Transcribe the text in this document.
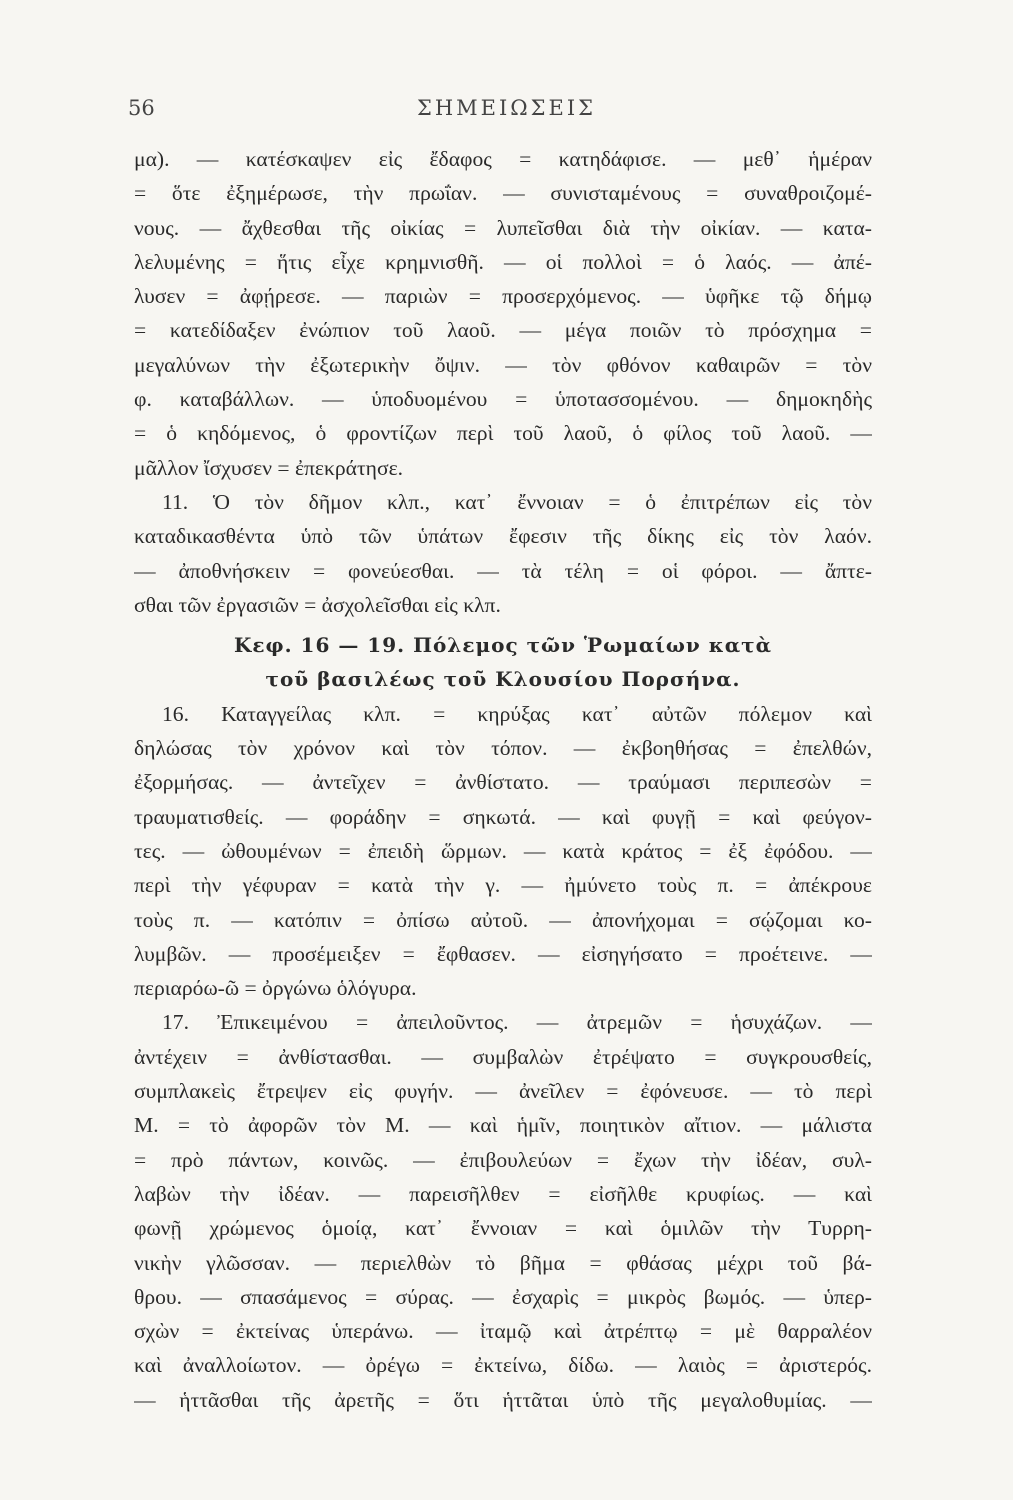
56	ΣΗΜΕΙΩΣΕΙΣ
μα). — κατέσκαψεν εἰς ἔδαφος = κατηδάφισε. — μεθ᾿ ἡμέραν
= ὅτε ἐξημέρωσε, τὴν πρωΐαν. — συνισταμένους = συναθροιζομέ-
νους. — ἄχθεσθαι τῆς οἰκίας = λυπεῖσθαι διὰ τὴν οἰκίαν. — κατα-
λελυμένης = ἥτις εἶχε κρημνισθῆ. — οἱ πολλοὶ = ὁ λαός. — ἀπέ-
λυσεν = ἀφῄρεσε. — παριὼν = προσερχόμενος. — ὑφῆκε τῷ δήμῳ
= κατεδίδαξεν ἐνώπιον τοῦ λαοῦ. — μέγα ποιῶν τὸ πρόσχημα =
μεγαλύνων τὴν ἐξωτερικὴν ὄψιν. — τὸν φθόνον καθαιρῶν = τὸν
φ. καταβάλλων. — ὑποδυομένου = ὑποτασσομένου. — δημοκηδὴς
= ὁ κηδόμενος, ὁ φροντίζων περὶ τοῦ λαοῦ, ὁ φίλος τοῦ λαοῦ. —
μᾶλλον ἴσχυσεν = ἐπεκράτησε.
11. Ὁ τὸν δῆμον κλπ., κατ᾿ ἔννοιαν = ὁ ἐπιτρέπων εἰς τὸν
καταδικασθέντα ὑπὸ τῶν ὑπάτων ἔφεσιν τῆς δίκης εἰς τὸν λαόν.
— ἀποθνήσκειν = φονεύεσθαι. — τὰ τέλη = οἱ φόροι. — ἄπτε-
σθαι τῶν ἐργασιῶν = ἀσχολεῖσθαι εἰς κλπ.
Κεφ. 16 — 19. Πόλεμος τῶν Ῥωμαίων κατὰ
τοῦ βασιλέως τοῦ Κλουσίου Πορσήνα.
16. Καταγγείλας κλπ. = κηρύξας κατ᾿ αὐτῶν πόλεμον καὶ
δηλώσας τὸν χρόνον καὶ τὸν τόπον. — ἐκβοηθήσας = ἐπελθών,
ἐξορμήσας. — ἀντεῖχεν = ἀνθίστατο. — τραύμασι περιπεσὼν =
τραυματισθείς. — φοράδην = σηκωτά. — καὶ φυγῇ = καὶ φεύγον-
τες. — ὠθουμένων = ἐπειδὴ ὥρμων. — κατὰ κράτος = ἐξ ἐφόδου. —
περὶ τὴν γέφυραν = κατὰ τὴν γ. — ἠμύνετο τοὺς π. = ἀπέκρουε
τοὺς π. — κατόπιν = ὀπίσω αὐτοῦ. — ἀπονήχομαι = σῴζομαι κο-
λυμβῶν. — προσέμειξεν = ἔφθασεν. — εἰσηγήσατο = προέτεινε. —
περιαρόω-ῶ = ὀργώνω ὁλόγυρα.
17. Ἐπικειμένου = ἀπειλοῦντος. — ἀτρεμῶν = ἡσυχάζων. —
ἀντέχειν = ἀνθίστασθαι. — συμβαλὼν ἐτρέψατο = συγκρουσθείς,
συμπλακεὶς ἔτρεψεν εἰς φυγήν. — ἀνεῖλεν = ἐφόνευσε. — τὸ περὶ
Μ. = τὸ ἀφορῶν τὸν Μ. — καὶ ἡμῖν, ποιητικὸν αἴτιον. — μάλιστα
= πρὸ πάντων, κοινῶς. — ἐπιβουλεύων = ἔχων τὴν ἰδέαν, συλ-
λαβὼν τὴν ἰδέαν. — παρεισῆλθεν = εἰσῆλθε κρυφίως. — καὶ
φωνῇ χρώμενος ὁμοίᾳ, κατ᾿ ἔννοιαν = καὶ ὁμιλῶν τὴν Τυρρη-
νικὴν γλῶσσαν. — περιελθὼν τὸ βῆμα = φθάσας μέχρι τοῦ βά-
θρου. — σπασάμενος = σύρας. — ἐσχαρὶς = μικρὸς βωμός. — ὑπερ-
σχὼν = ἐκτείνας ὑπεράνω. — ἰταμῷ καὶ ἀτρέπτῳ = μὲ θαρραλέον
καὶ ἀναλλοίωτον. — ὀρέγω = ἐκτείνω, δίδω. — λαιὸς = ἀριστερός.
— ἡττᾶσθαι τῆς ἀρετῆς = ὅτι ἡττᾶται ὑπὸ τῆς μεγαλοθυμίας. —
